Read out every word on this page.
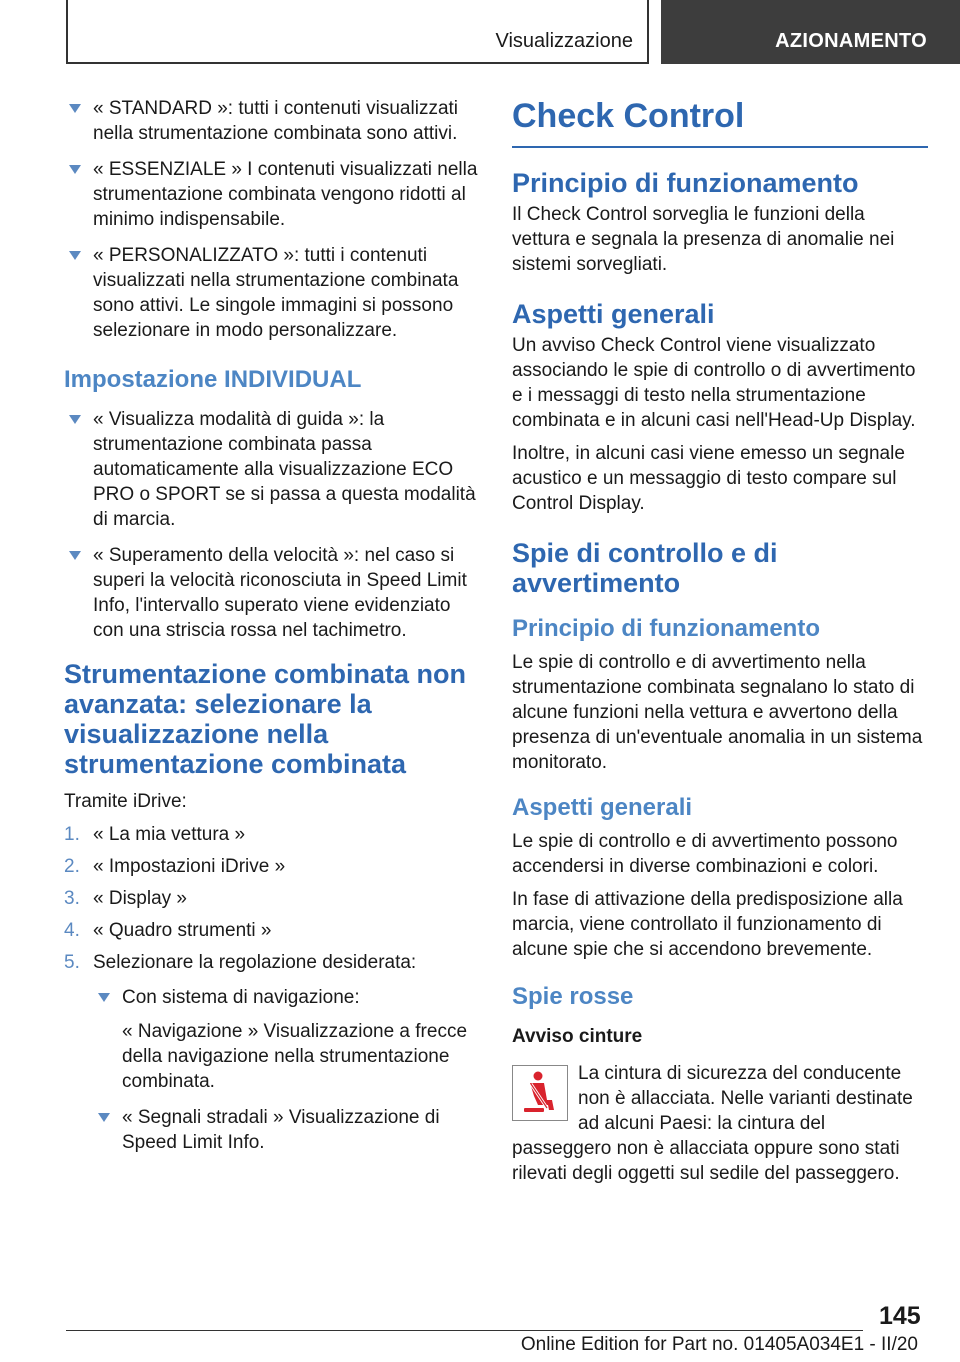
Visualizzazione	AZIONAMENTO
« STANDARD »: tutti i contenuti visualizzati nella strumentazione combinata sono attivi.
« ESSENZIALE » I contenuti visualizzati nella strumentazione combinata vengono ridotti al minimo indispensabile.
« PERSONALIZZATO »: tutti i contenuti visualizzati nella strumentazione combinata sono attivi. Le singole immagini si possono selezionare in modo personalizzare.
Impostazione INDIVIDUAL
« Visualizza modalità di guida »: la strumentazione combinata passa automaticamente alla visualizzazione ECO PRO o SPORT se si passa a questa modalità di marcia.
« Superamento della velocità »: nel caso si superi la velocità riconosciuta in Speed Limit Info, l'intervallo superato viene evidenziato con una striscia rossa nel tachimetro.
Strumentazione combinata non avanzata: selezionare la visualizzazione nella strumentazione combinata

Tramite iDrive:

1. « La mia vettura »
2. « Impostazioni iDrive »
3. « Display »
4. « Quadro strumenti »
5. Selezionare la regolazione desiderata:
Con sistema di navigazione:

« Navigazione » Visualizzazione a frecce della navigazione nella strumentazione combinata.

« Segnali stradali » Visualizzazione di Speed Limit Info.
Check Control
Principio di funzionamento

Il Check Control sorveglia le funzioni della vettura e segnala la presenza di anomalie nei sistemi sorvegliati.

Aspetti generali

Un avviso Check Control viene visualizzato associando le spie di controllo o di avvertimento e i messaggi di testo nella strumentazione combinata e in alcuni casi nell'Head-Up Display.

Inoltre, in alcuni casi viene emesso un segnale acustico e un messaggio di testo compare sul Control Display.

Spie di controllo e di avvertimento
Principio di funzionamento

Le spie di controllo e di avvertimento nella strumentazione combinata segnalano lo stato di alcune funzioni nella vettura e avvertono della presenza di un'eventuale anomalia in un sistema monitorato.

Aspetti generali

Le spie di controllo e di avvertimento possono accendersi in diverse combinazioni e colori.

In fase di attivazione della predisposizione alla marcia, viene controllato il funzionamento di alcune spie che si accendono brevemente.

Spie rosse
Avviso cinture

La cintura di sicurezza del conducente non è allacciata. Nelle varianti destinate ad alcuni Paesi: la cintura del passeggero non è allacciata oppure sono stati rilevati degli oggetti sul sedile del passeggero.

145
Online Edition for Part no. 01405A034E1 - II/20
